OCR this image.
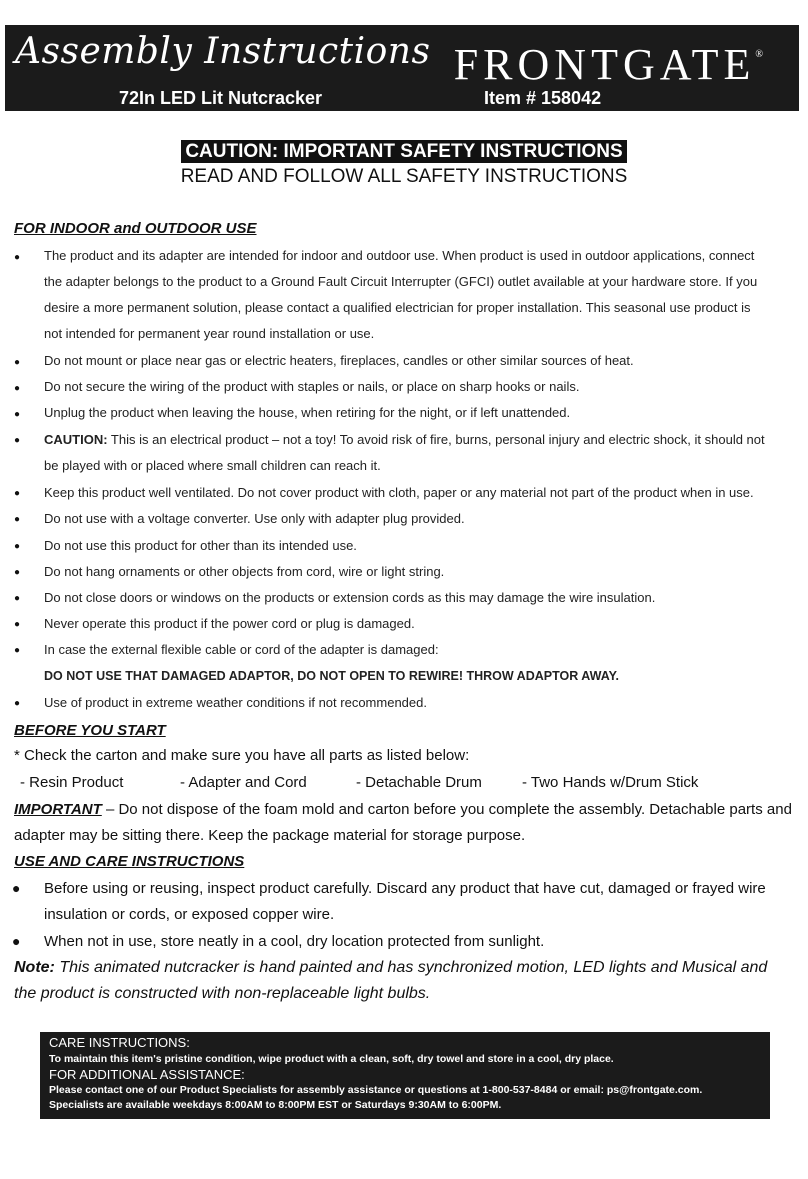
Assembly Instructions FRONTGATE®
72In LED Lit Nutcracker	Item # 158042
CAUTION: IMPORTANT SAFETY INSTRUCTIONS
READ AND FOLLOW ALL SAFETY INSTRUCTIONS
FOR INDOOR and OUTDOOR USE
● The product and its adapter are intended for indoor and outdoor use. When product is used in outdoor applications, connect
the adapter belongs to the product to a Ground Fault Circuit Interrupter (GFCI) outlet available at your hardware store. If you
desire a more permanent solution, please contact a qualified electrician for proper installation. This seasonal use product is
not intended for permanent year round installation or use.
● Do not mount or place near gas or electric heaters, fireplaces, candles or other similar sources of heat.
● Do not secure the wiring of the product with staples or nails, or place on sharp hooks or nails.
● Unplug the product when leaving the house, when retiring for the night, or if left unattended.
● CAUTION: This is an electrical product – not a toy! To avoid risk of fire, burns, personal injury and electric shock, it should not
be played with or placed where small children can reach it.
● Keep this product well ventilated. Do not cover product with cloth, paper or any material not part of the product when in use.
● Do not use with a voltage converter. Use only with adapter plug provided.
● Do not use this product for other than its intended use.
● Do not hang ornaments or other objects from cord, wire or light string.
● Do not close doors or windows on the products or extension cords as this may damage the wire insulation.
● Never operate this product if the power cord or plug is damaged.
● In case the external flexible cable or cord of the adapter is damaged:
DO NOT USE THAT DAMAGED ADAPTOR, DO NOT OPEN TO REWIRE! THROW ADAPTOR AWAY.
● Use of product in extreme weather conditions if not recommended.
BEFORE YOU START
* Check the carton and make sure you have all parts as listed below:
- Resin Product	- Adapter and Cord	- Detachable Drum	- Two Hands w/Drum Stick
IMPORTANT – Do not dispose of the foam mold and carton before you complete the assembly. Detachable parts and
adapter may be sitting there. Keep the package material for storage purpose.
USE AND CARE INSTRUCTIONS
● Before using or reusing, inspect product carefully. Discard any product that have cut, damaged or frayed wire
insulation or cords, or exposed copper wire.
● When not in use, store neatly in a cool, dry location protected from sunlight.
Note: This animated nutcracker is hand painted and has synchronized motion, LED lights and Musical and
the product is constructed with non-replaceable light bulbs.
CARE INSTRUCTIONS:
To maintain this item's pristine condition, wipe product with a clean, soft, dry towel and store in a cool, dry place.
FOR ADDITIONAL ASSISTANCE:
Please contact one of our Product Specialists for assembly assistance or questions at 1-800-537-8484 or email: ps@frontgate.com.
Specialists are available weekdays 8:00AM to 8:00PM EST or Saturdays 9:30AM to 6:00PM.
